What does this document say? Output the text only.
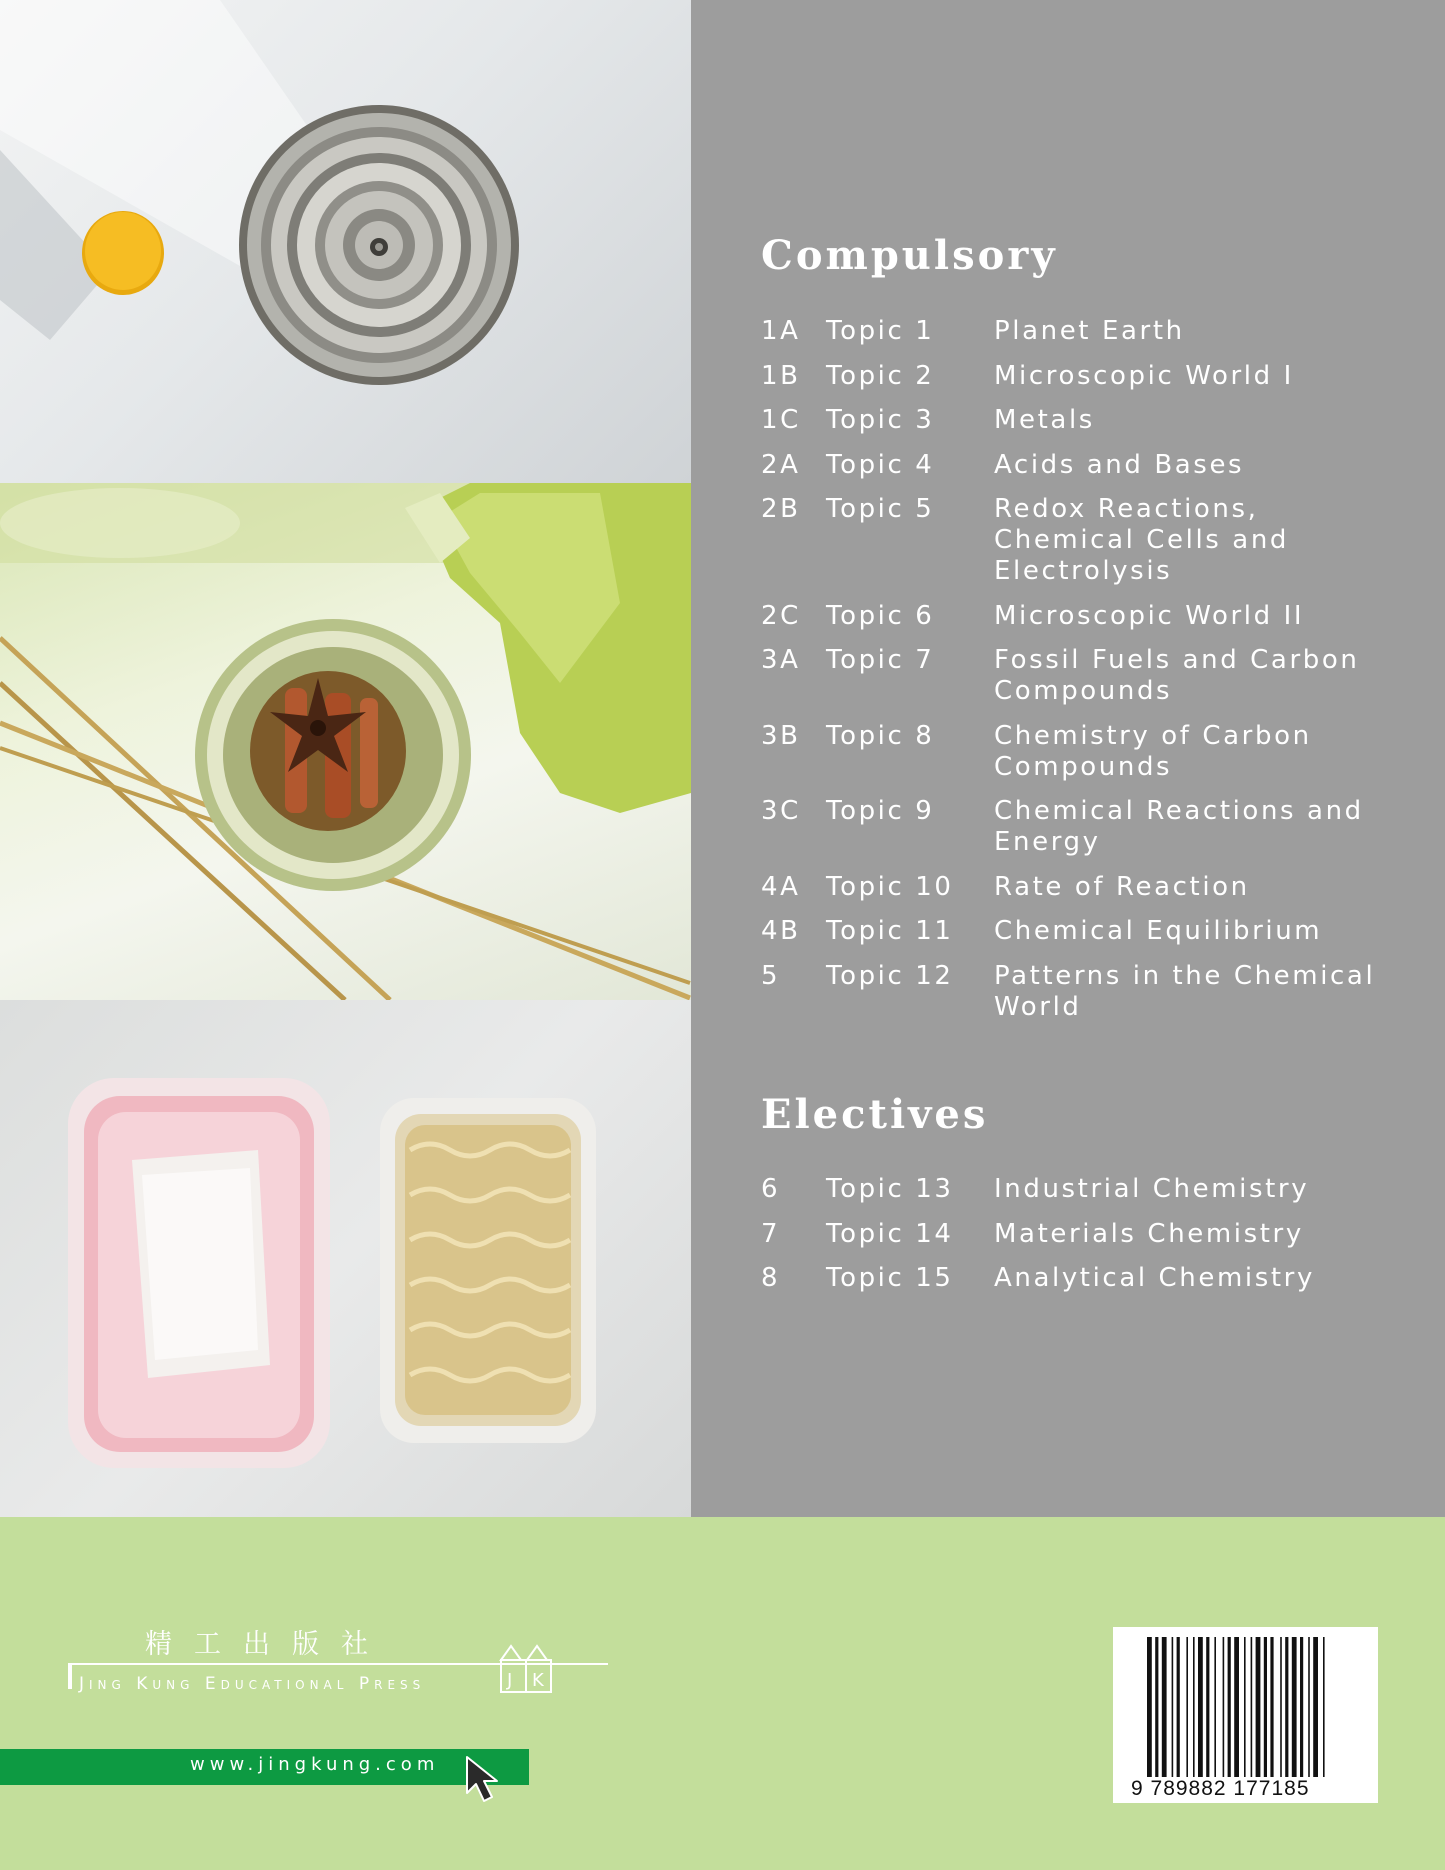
Compulsory
1A Topic 1	Planet Earth
1B Topic 2	Microscopic World I
1C Topic 3	Metals
2A Topic 4	Acids and Bases
2B Topic 5	Redox Reactions,
Chemical Cells and
Electrolysis
2C Topic 6	Microscopic World II
3A Topic 7	Fossil Fuels and Carbon
Compounds
3B Topic 8	Chemistry of Carbon
Compounds
3C Topic 9	Chemical Reactions and
Energy
4A Topic 10	Rate of Reaction
4B Topic 11	Chemical Equilibrium
5	Topic 12	Patterns in the Chemical
World
Electives
6	Topic 13	Industrial Chemistry
7	Topic 14	Materials Chemistry
8	Topic 15	Analytical Chemistry

精工出版社

Jing Kung Educational Press	J K

www.jingkung.com

9 789882 177185
